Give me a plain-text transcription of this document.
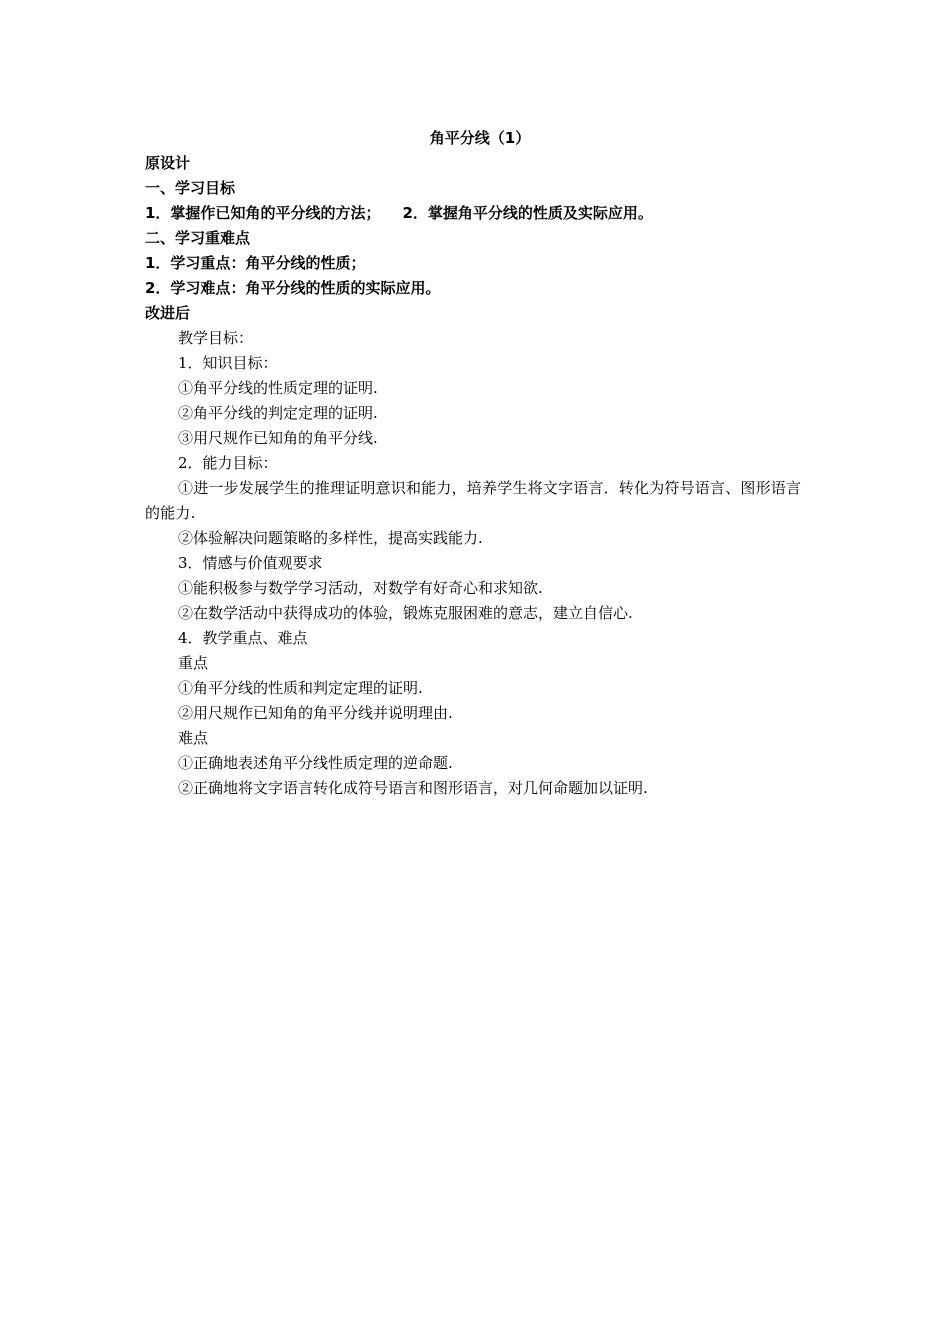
角平分线（1）
原设计
一、学习目标
1．掌握作已知角的平分线的方法； 2．掌握角平分线的性质及实际应用。
二、学习重难点
1．学习重点：角平分线的性质；
2．学习难点：角平分线的性质的实际应用。
改进后
教学目标：
1．知识目标：
①角平分线的性质定理的证明.
②角平分线的判定定理的证明.
③用尺规作已知角的角平分线.
2．能力目标：
①进一步发展学生的推理证明意识和能力，培养学生将文字语言．转化为符号语言、图形语言的能力.
②体验解决问题策略的多样性，提高实践能力.
3．情感与价值观要求
①能积极参与数学学习活动，对数学有好奇心和求知欲.
②在数学活动中获得成功的体验，锻炼克服困难的意志，建立自信心.
4．教学重点、难点
重点
①角平分线的性质和判定定理的证明.
②用尺规作已知角的角平分线并说明理由.
难点
①正确地表述角平分线性质定理的逆命题.
②正确地将文字语言转化成符号语言和图形语言，对几何命题加以证明.
